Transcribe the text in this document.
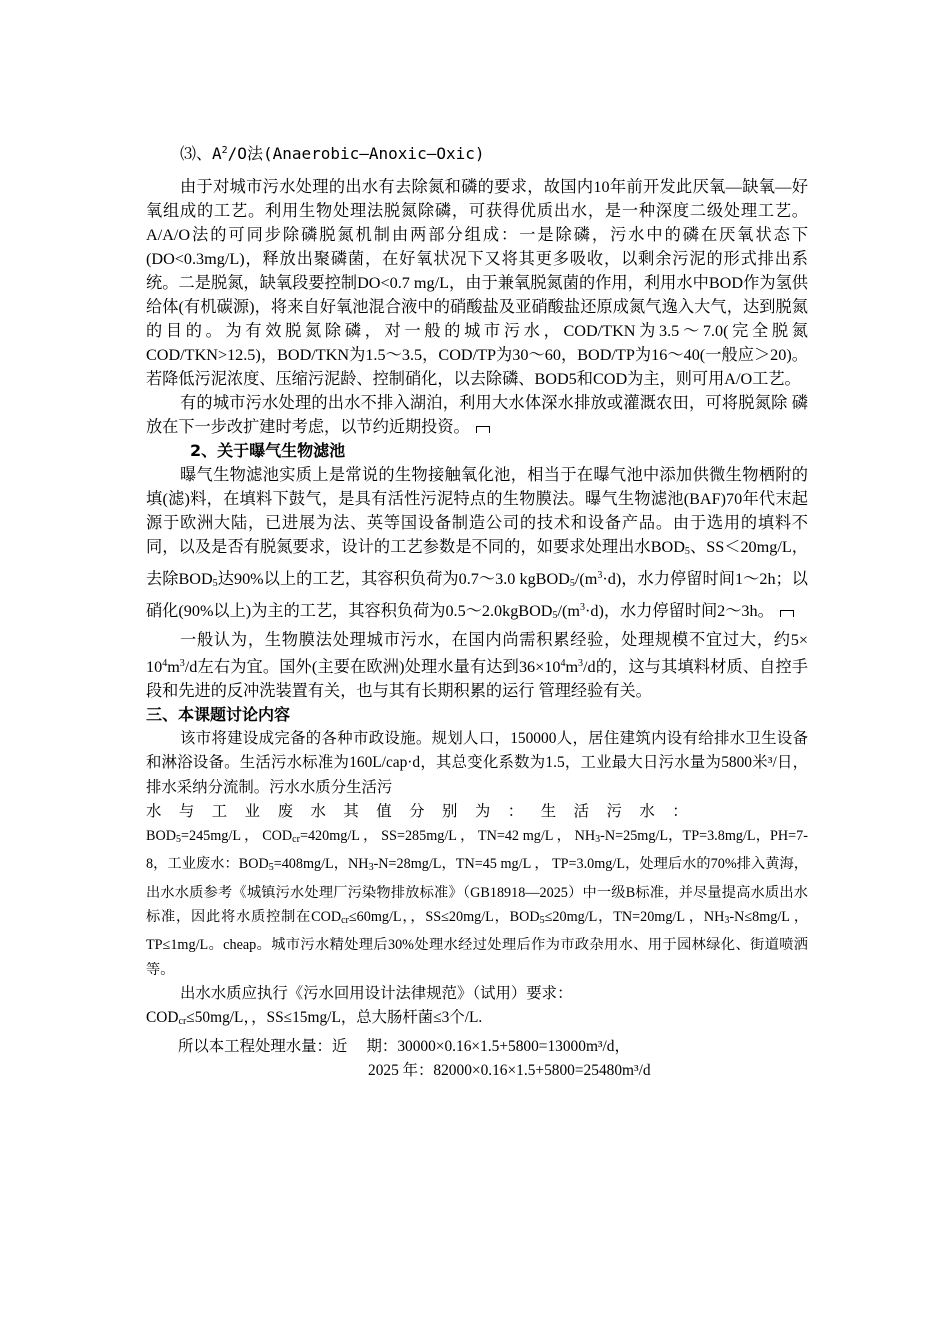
⑶、$A^2/O$法(Anaerobic—Anoxic—Oxic)

由于对城市污水处理的出水有去除氮和磷的要求，故国内10年前开发此厌氧—缺氧—好氧组成的工艺。利用生物处理法脱氮除磷，可获得优质出水，是一种深度二级处理工艺。A/A/O法的可同步除磷脱氮机制由两部分组成：一是除磷，污水中的磷在厌氧状态下(DO<0.3mg/L)，释放出聚磷菌，在好氧状况下又将其更多吸收，以剩余污泥的形式排出系统。二是脱氮，缺氧段要控制DO<0.7 mg/L，由于兼氧脱氮菌的作用，利用水中BOD作为氢供给体(有机碳源)，将来自好氧池混合液中的硝酸盐及亚硝酸盐还原成氮气逸入大气，达到脱氮的目的。为有效脱氮除磷，对一般的城市污水，COD/TKN为3.5～7.0(完全脱氮COD/TKN>12.5)，BOD/TKN为1.5～3.5，COD/TP为30～60，BOD/TP为16～40(一般应＞20)。若降低污泥浓度、压缩污泥龄、控制硝化，以去除磷、BOD5和COD为主，则可用A/O工艺。

有的城市污水处理的出水不排入湖泊，利用大水体深水排放或灌溉农田，可将脱氮除 磷放在下一步改扩建时考虑，以节约近期投资。

2、关于曝气生物滤池

曝气生物滤池实质上是常说的生物接触氧化池，相当于在曝气池中添加供微生物栖附的填(滤)料，在填料下鼓气，是具有活性污泥特点的生物膜法。曝气生物滤池(BAF)70年代末起源于欧洲大陆，已进展为法、英等国设备制造公司的技术和设备产品。由于选用的填料不同，以及是否有脱氮要求，设计的工艺参数是不同的，如要求处理出水$BOD_5$、SS＜20mg/L，去除$BOD_5$达90%以上的工艺，其容积负荷为0.7～3.0 $kgBOD_5/(m^3\cdot d)$，水力停留时间1～2h；以硝化(90%以上)为主的工艺，其容积负荷为$0.5\sim 2.0kgBOD_5/(m^3\cdot d)$，水力停留时间2～3h。

一般认为，生物膜法处理城市污水，在国内尚需积累经验，处理规模不宜过大，约$5\times 10^4m^3/d$左右为宜。国外(主要在欧洲)处理水量有达到$36\times 10^4m^3/d$的，这与其填料材质、自控手段和先进的反冲洗装置有关，也与其有长期积累的运行 管理经验有关。

三、本课题讨论内容

该市将建设成完备的各种市政设施。规划人口，150000人，居住建筑内设有给排水卫生设备和淋浴设备。生活污水标准为160L/cap·d，其总变化系数为1.5，工业最大日污水量为5800米³/日，排水采纳分流制。污水水质分生活污

水与工业废水其值分别为：生活污水：

$BOD_5=245mg/L$ ， $COD_{cr}=420mg/L$ ， SS=285mg/L ， TN=42 mg/L ， $NH_3-N=25mg/L$，TP=3.8mg/L，PH=7-8，工业废水：$BOD_5=408mg/L$，$NH_3-N=28mg/L$，TN=45 mg/L ， TP=3.0mg/L，处理后水的70%排入黄海，出水水质参考《城镇污水处理厂污染物排放标准》（GB18918—2025）中一级B标准，并尽量提高水质出水标准，因此将水质控制在$COD_{cr}\le 60mg/L$，，SS≤20mg/L，$BOD_5\le 20mg/L$，TN=20mg/L ，$NH_3-N\le 8mg/L$ ，TP≤1mg/L。cheap。城市污水精处理后30%处理水经过处理后作为市政杂用水、用于园林绿化、街道喷洒等。

出水水质应执行《污水回用设计法律规范》（试用）要求：

$COD_{cr}\le 50mg/L$，，SS≤15mg/L，总大肠杆菌≤3个/L.

所以本工程处理水量：近　 期：30000×0.16×1.5+5800=13000m³/d，

2025 年：82000×0.16×1.5+5800=25480m³/d
